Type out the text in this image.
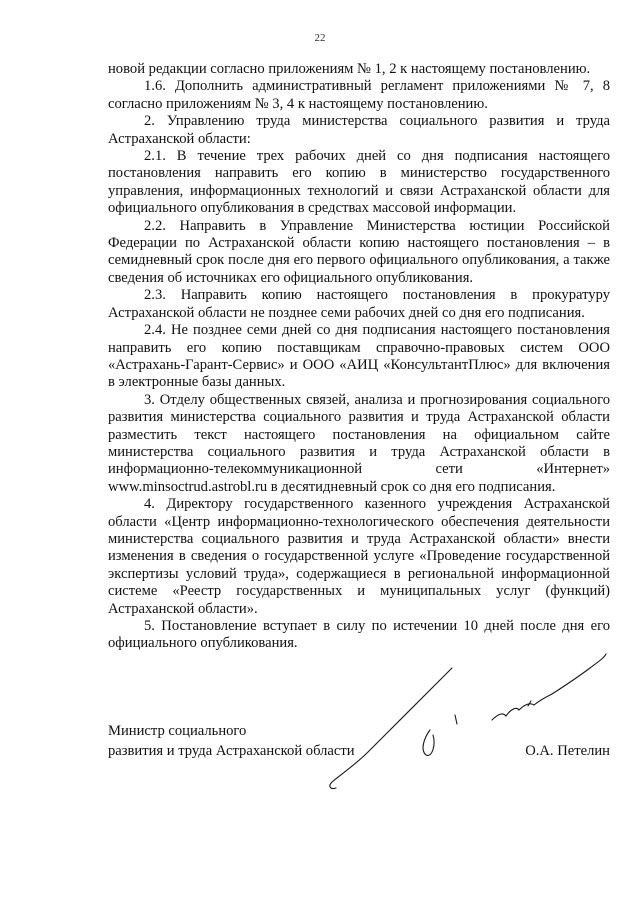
22

новой редакции согласно приложениям № 1, 2 к настоящему постановлению.

1.6. Дополнить административный регламент приложениями № 7, 8 согласно приложениям № 3, 4 к настоящему постановлению.

2. Управлению труда министерства социального развития и труда Астраханской области:

2.1. В течение трех рабочих дней со дня подписания настоящего постановления направить его копию в министерство государственного управления, информационных технологий и связи Астраханской области для официального опубликования в средствах массовой информации.

2.2. Направить в Управление Министерства юстиции Российской Федерации по Астраханской области копию настоящего постановления – в семидневный срок после дня его первого официального опубликования, а также сведения об источниках его официального опубликования.

2.3. Направить копию настоящего постановления в прокуратуру Астраханской области не позднее семи рабочих дней со дня его подписания.

2.4. Не позднее семи дней со дня подписания настоящего постановления направить его копию поставщикам справочно-правовых систем ООО «Астрахань-Гарант-Сервис» и ООО «АИЦ «КонсультантПлюс» для включения в электронные базы данных.

3. Отделу общественных связей, анализа и прогнозирования социального развития министерства социального развития и труда Астраханской области разместить текст настоящего постановления на официальном сайте министерства социального развития и труда Астраханской области в информационно-телекоммуникационной сети «Интернет» www.minsoctrud.astrobl.ru в десятидневный срок со дня его подписания.

4. Директору государственного казенного учреждения Астраханской области «Центр информационно-технологического обеспечения деятельности министерства социального развития и труда Астраханской области» внести изменения в сведения о государственной услуге «Проведение государственной экспертизы условий труда», содержащиеся в региональной информационной системе «Реестр государственных и муниципальных услуг (функций) Астраханской области».

5. Постановление вступает в силу по истечении 10 дней после дня его официального опубликования.

Министр социального

развития и труда Астраханской области	О.А. Петелин
